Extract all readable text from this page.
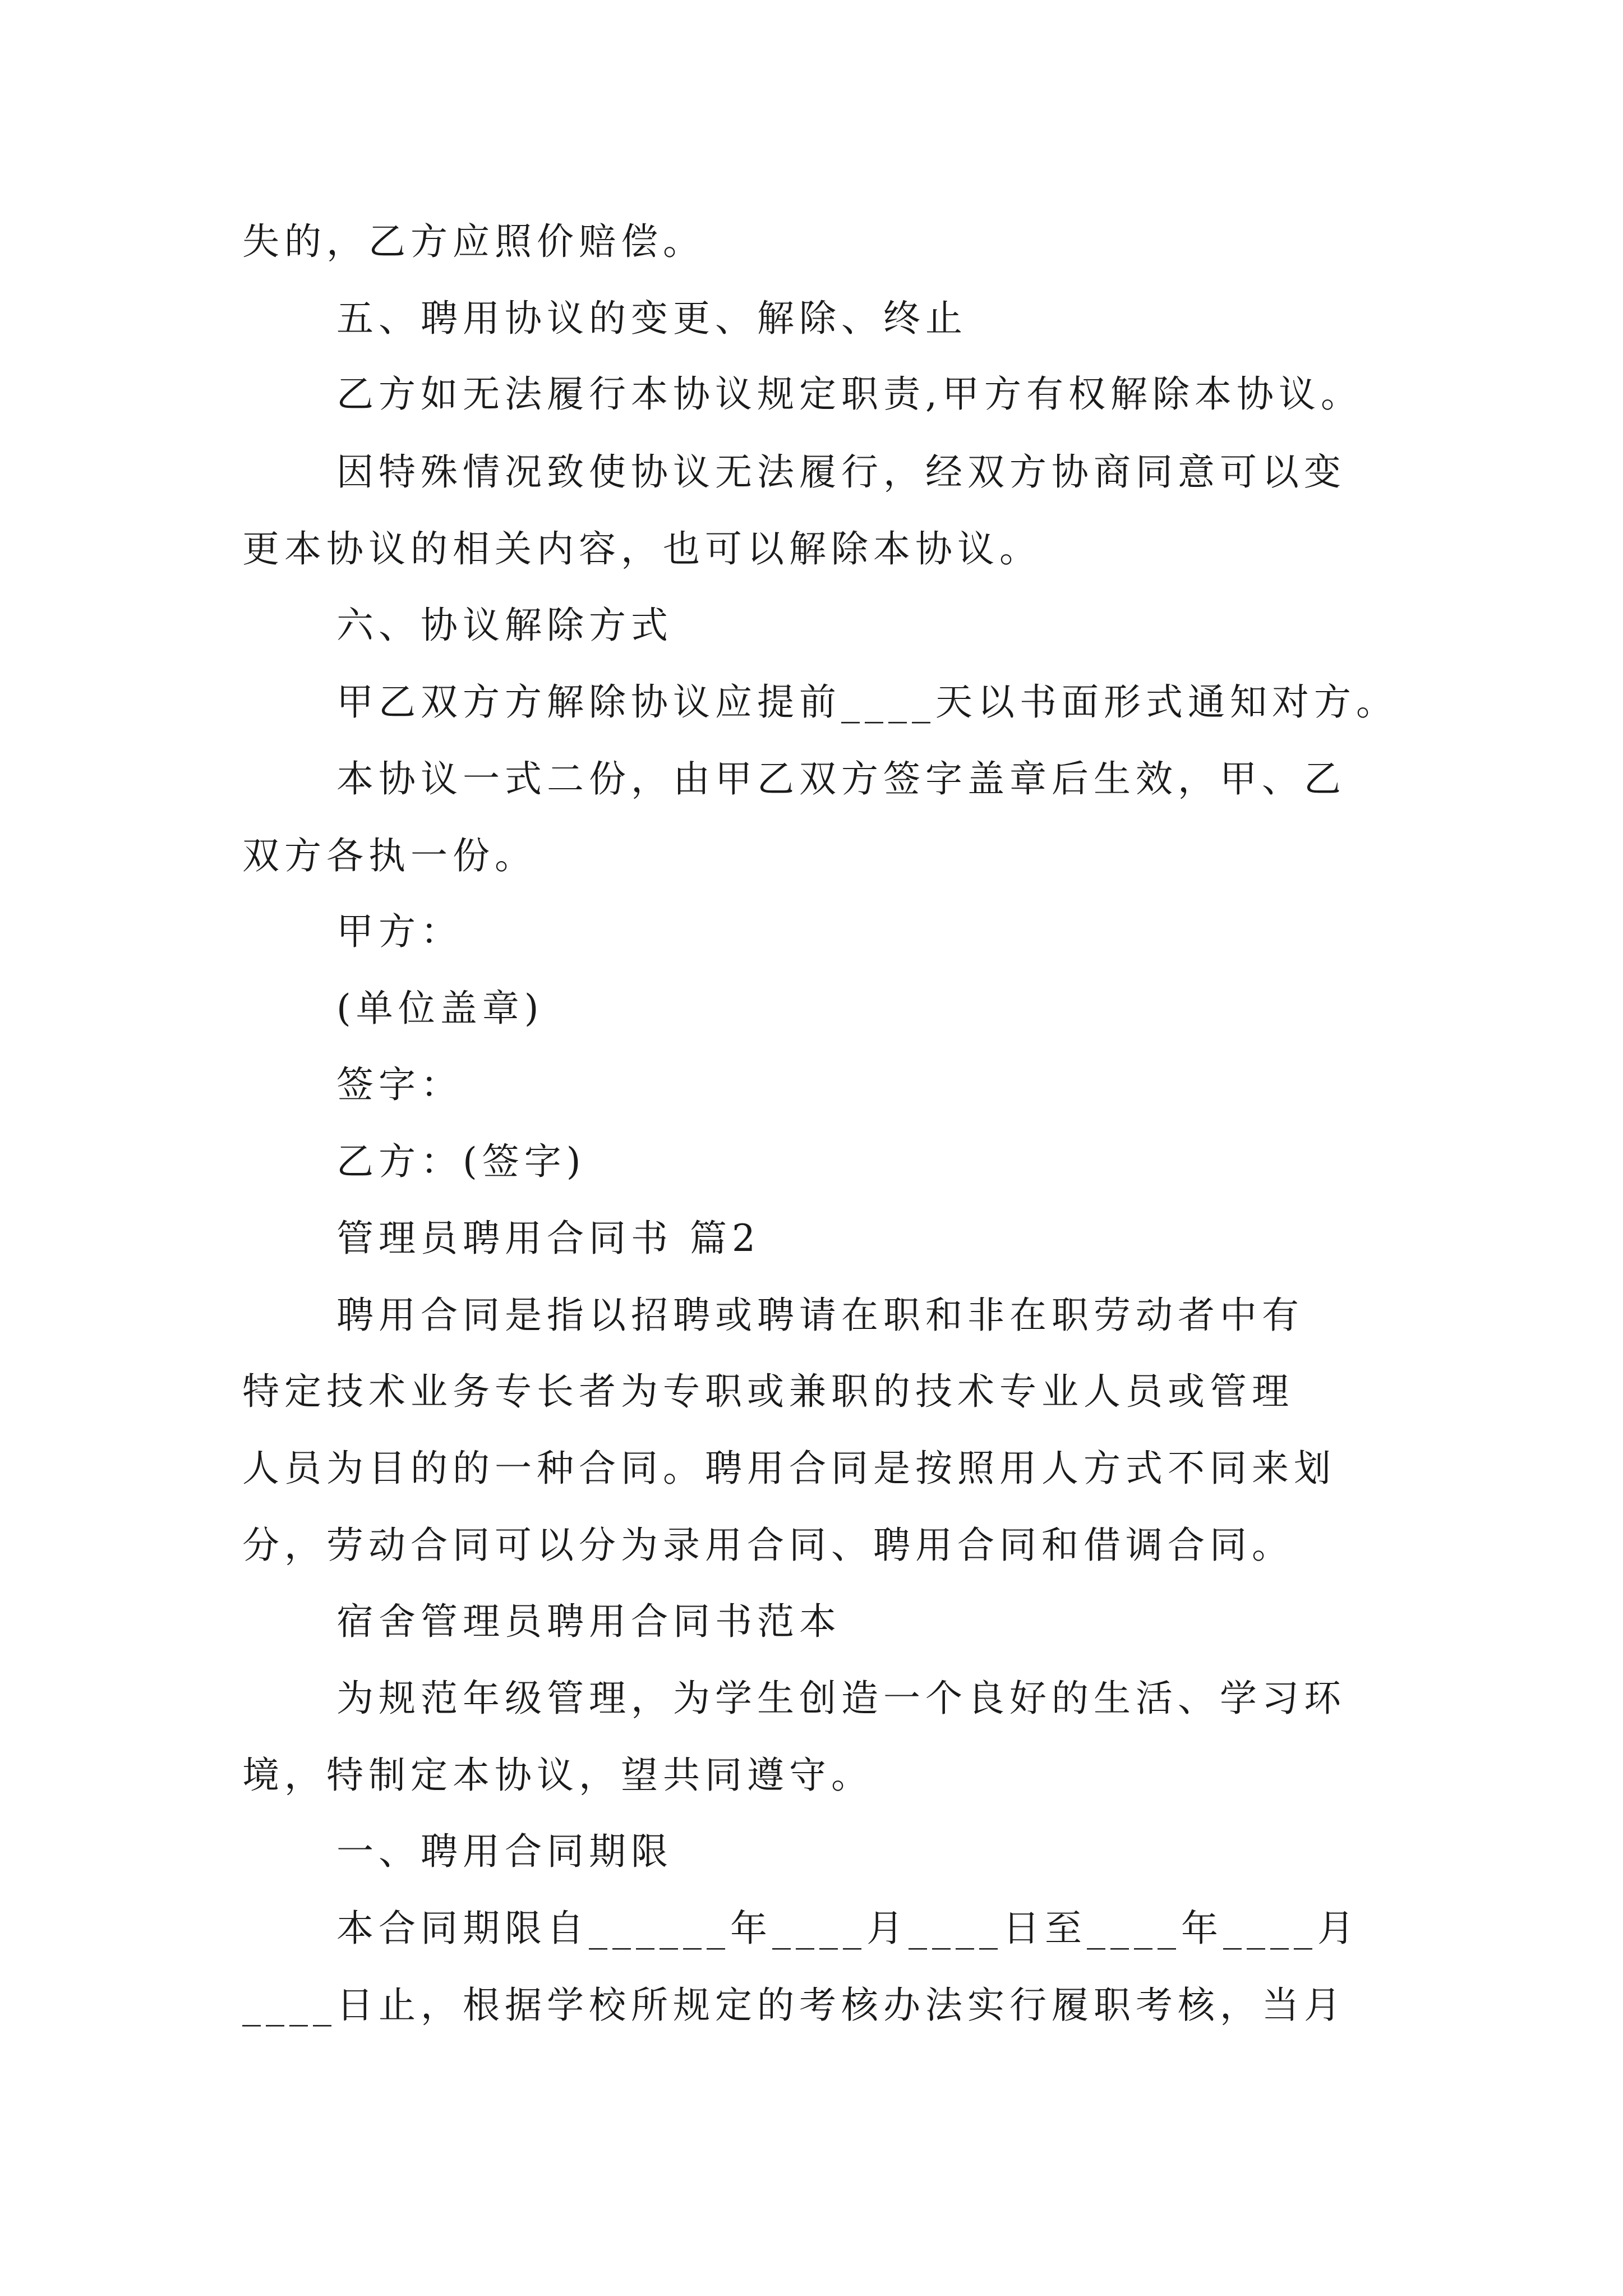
失的，乙方应照价赔偿。

五、聘用协议的变更、解除、终止

乙方如无法履行本协议规定职责,甲方有权解除本协议。

因特殊情况致使协议无法履行，经双方协商同意可以变

更本协议的相关内容，也可以解除本协议。

六、协议解除方式

甲乙双方方解除协议应提前____天以书面形式通知对方。

本协议一式二份，由甲乙双方签字盖章后生效，甲、乙

双方各执一份。

甲方：

(单位盖章)

签字：

乙方：(签字)

管理员聘用合同书 篇2

聘用合同是指以招聘或聘请在职和非在职劳动者中有

特定技术业务专长者为专职或兼职的技术专业人员或管理

人员为目的的一种合同。聘用合同是按照用人方式不同来划

分，劳动合同可以分为录用合同、聘用合同和借调合同。

宿舍管理员聘用合同书范本

为规范年级管理，为学生创造一个良好的生活、学习环

境，特制定本协议，望共同遵守。

一、聘用合同期限

本合同期限自______年____月____日至____年____月

____日止，根据学校所规定的考核办法实行履职考核，当月
